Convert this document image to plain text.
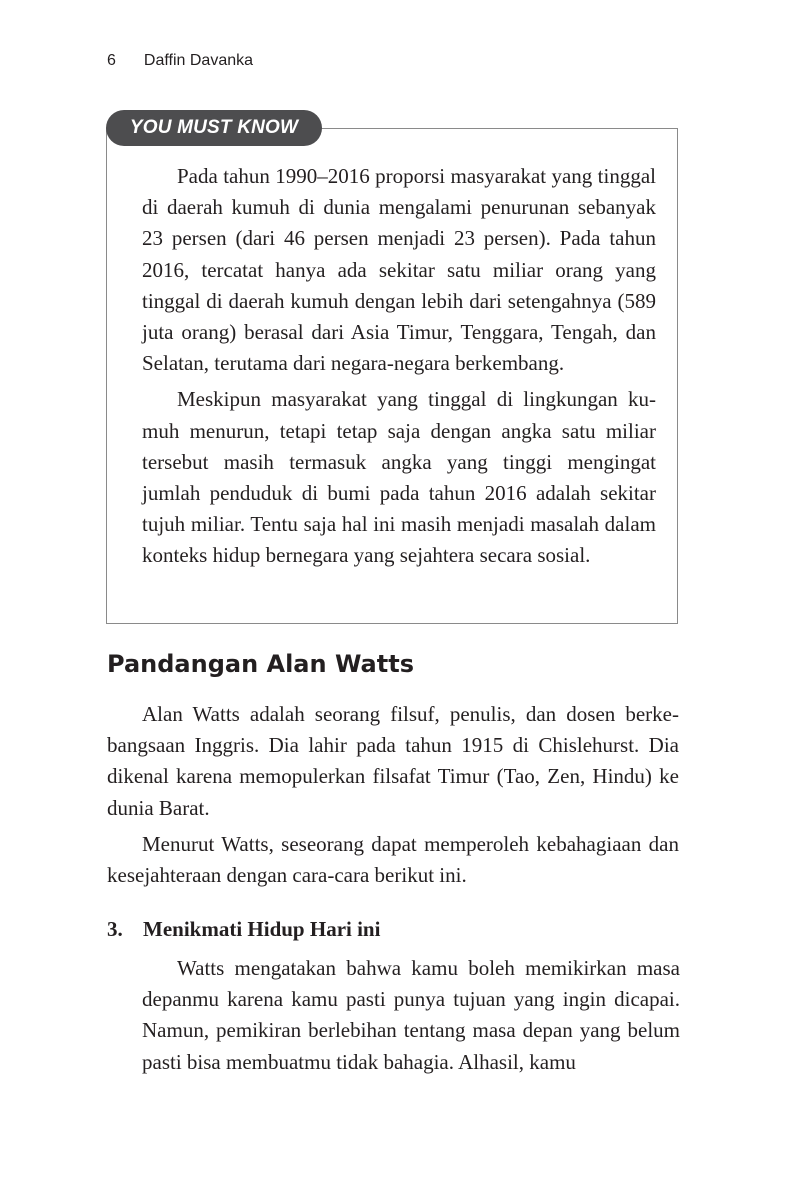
6 Daffin Davanka
YOU MUST KNOW

Pada tahun 1990–2016 proporsi masyarakat yang tinggal di daerah kumuh di dunia mengalami penurunan sebanyak 23 persen (dari 46 persen menjadi 23 persen). Pada tahun 2016, tercatat hanya ada sekitar satu miliar orang yang tinggal di daerah kumuh dengan lebih dari setengahnya (589 juta orang) berasal dari Asia Timur, Tenggara, Tengah, dan Selatan, terutama dari negara-negara berkembang.

Meskipun masyarakat yang tinggal di lingkungan kumuh menurun, tetapi tetap saja dengan angka satu miliar tersebut masih termasuk angka yang tinggi mengingat jumlah penduduk di bumi pada tahun 2016 adalah sekitar tujuh miliar. Tentu saja hal ini masih menjadi masalah dalam konteks hidup bernegara yang sejahtera secara sosial.

Pandangan Alan Watts

Alan Watts adalah seorang filsuf, penulis, dan dosen berkebangsaan Inggris. Dia lahir pada tahun 1915 di Chislehurst. Dia dikenal karena memopulerkan filsafat Timur (Tao, Zen, Hindu) ke dunia Barat.

Menurut Watts, seseorang dapat memperoleh kebahagiaan dan kesejahteraan dengan cara-cara berikut ini.

3. Menikmati Hidup Hari ini

Watts mengatakan bahwa kamu boleh memikirkan masa depanmu karena kamu pasti punya tujuan yang ingin dicapai. Namun, pemikiran berlebihan tentang masa depan yang belum pasti bisa membuatmu tidak bahagia. Alhasil, kamu
